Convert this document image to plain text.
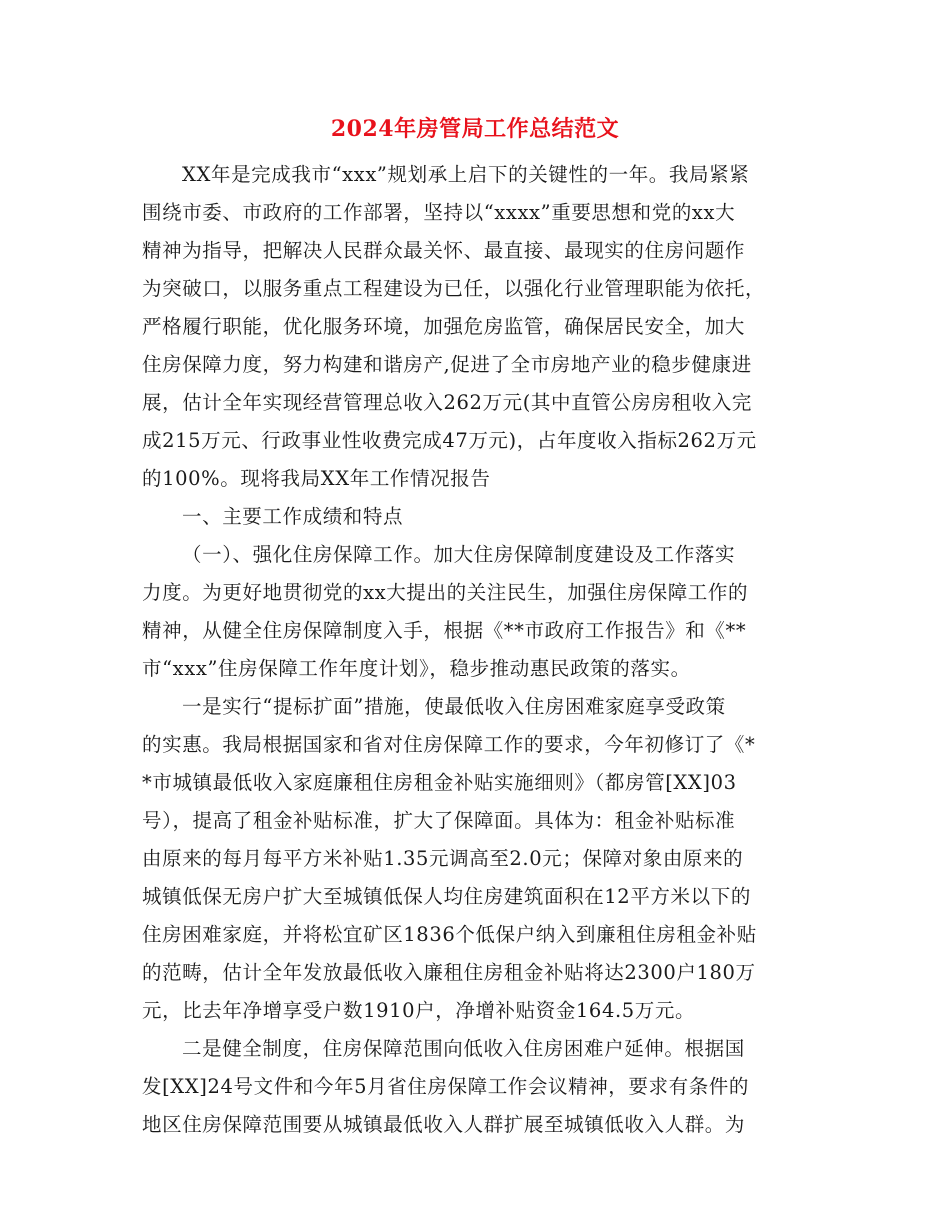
2024年房管局工作总结范文
XX年是完成我市“xxx”规划承上启下的关键性的一年。我局紧紧
围绕市委、市政府的工作部署，坚持以“xxxx”重要思想和党的xx大
精神为指导，把解决人民群众最关怀、最直接、最现实的住房问题作
为突破口，以服务重点工程建设为已任，以强化行业管理职能为依托，
严格履行职能，优化服务环境，加强危房监管，确保居民安全，加大
住房保障力度，努力构建和谐房产,促进了全市房地产业的稳步健康进
展，估计全年实现经营管理总收入262万元(其中直管公房房租收入完
成215万元、行政事业性收费完成47万元)，占年度收入指标262万元
的100%。现将我局XX年工作情况报告
一、主要工作成绩和特点
（一）、强化住房保障工作。加大住房保障制度建设及工作落实
力度。为更好地贯彻党的xx大提出的关注民生，加强住房保障工作的
精神，从健全住房保障制度入手，根据《**市政府工作报告》和《**
市“xxx”住房保障工作年度计划》，稳步推动惠民政策的落实。
一是实行“提标扩面”措施，使最低收入住房困难家庭享受政策
的实惠。我局根据国家和省对住房保障工作的要求，今年初修订了《*
*市城镇最低收入家庭廉租住房租金补贴实施细则》（都房管[XX]03
号），提高了租金补贴标准，扩大了保障面。具体为：租金补贴标准
由原来的每月每平方米补贴1.35元调高至2.0元；保障对象由原来的
城镇低保无房户扩大至城镇低保人均住房建筑面积在12平方米以下的
住房困难家庭，并将松宜矿区1836个低保户纳入到廉租住房租金补贴
的范畴，估计全年发放最低收入廉租住房租金补贴将达2300户180万
元，比去年净增享受户数1910户，净增补贴资金164.5万元。
二是健全制度，住房保障范围向低收入住房困难户延伸。根据国
发[XX]24号文件和今年5月省住房保障工作会议精神，要求有条件的
地区住房保障范围要从城镇最低收入人群扩展至城镇低收入人群。为
